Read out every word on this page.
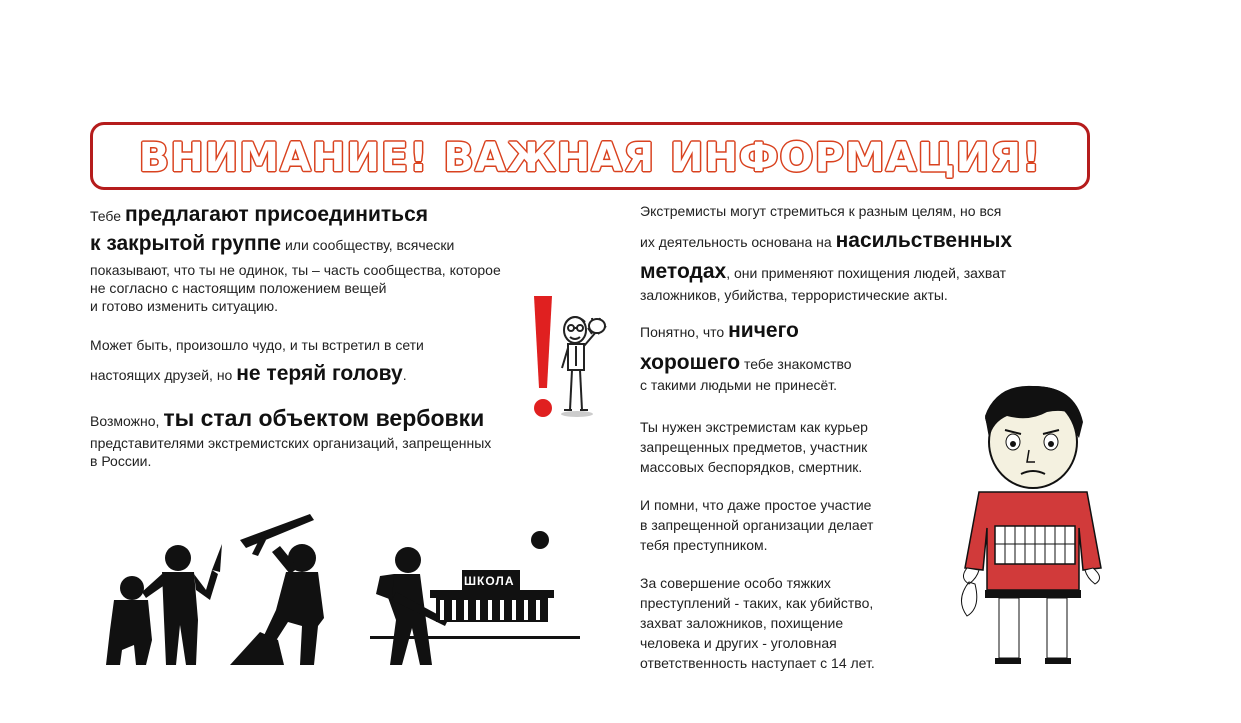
ВНИМАНИЕ! ВАЖНАЯ ИНФОРМАЦИЯ!
Тебе предлагают присоединиться
к закрытой группе или сообществу, всячески
показывают, что ты не одинок, ты – часть сообщества, которое
не согласно с настоящим положением вещей
и готово изменить ситуацию.
Может быть, произошло чудо, и ты встретил в сети
настоящих друзей, но не теряй голову.
Возможно, ты стал объектом вербовки
представителями экстремистских организаций, запрещенных
в России.
Экстремисты могут стремиться к разным целям, но вся
их деятельность основана на насильственных
методах, они применяют похищения людей, захват
заложников, убийства, террористические акты.
Понятно, что ничего
хорошего тебе знакомство
с такими людьми не принесёт.
Ты нужен экстремистам как курьер
запрещенных предметов, участник
массовых беспорядков, смертник.
И помни, что даже простое участие
в запрещенной организации делает
тебя преступником.
За совершение особо тяжких
преступлений - таких, как убийство,
захват заложников, похищение
человека и других - уголовная
ответственность наступает с 14 лет.
ШКОЛА
